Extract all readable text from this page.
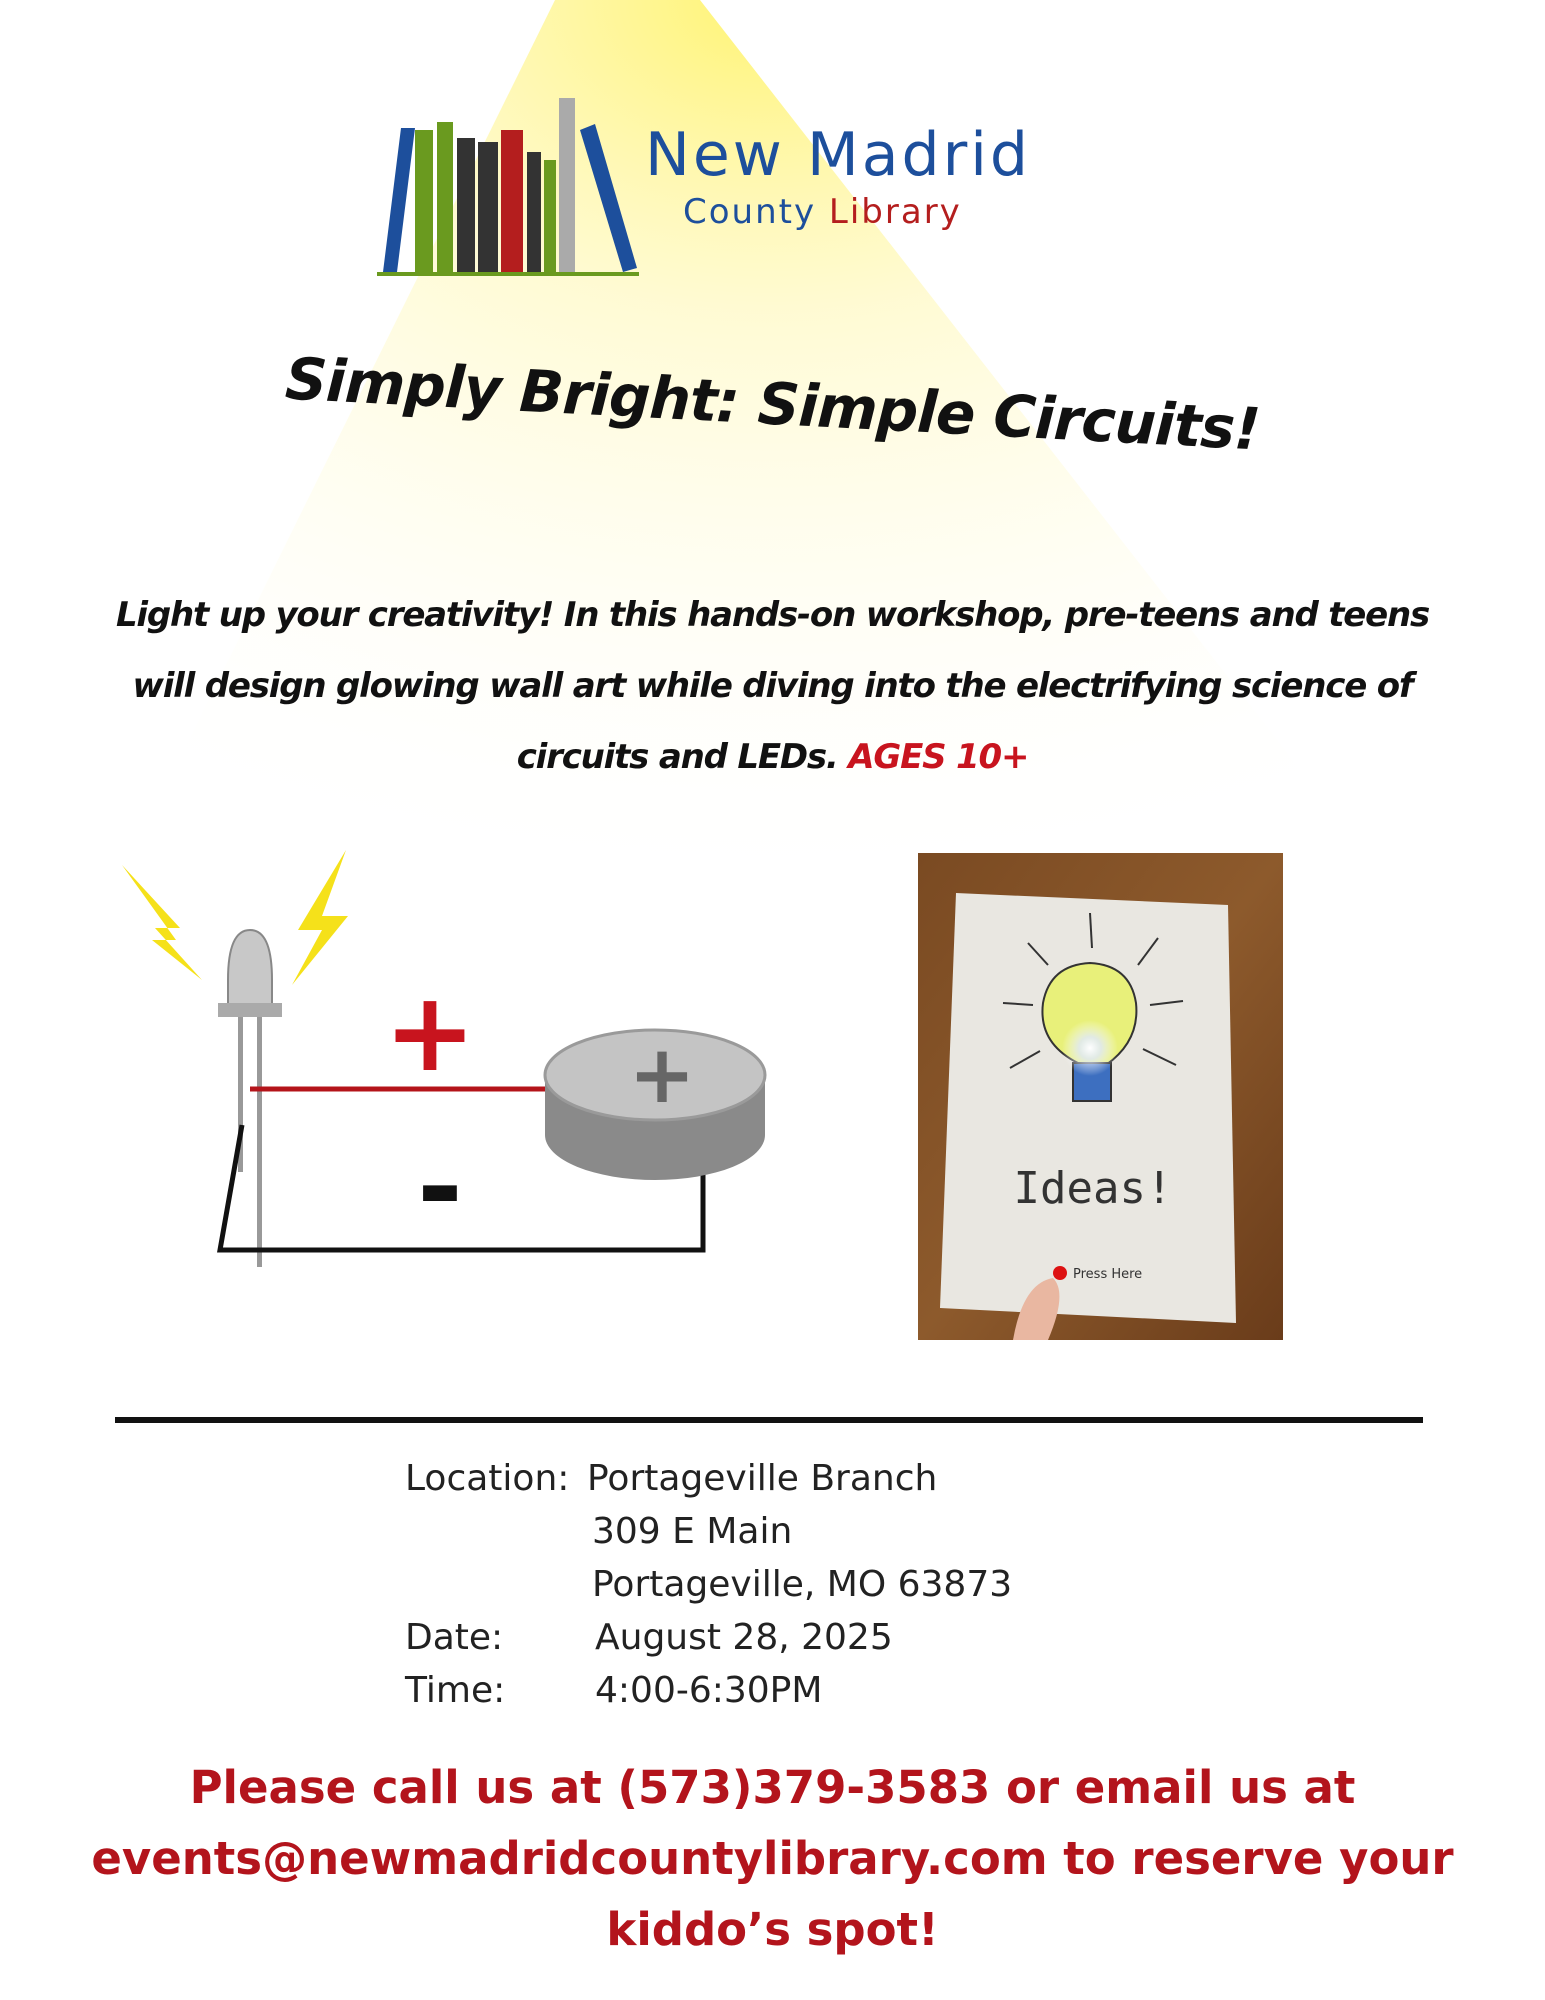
New Madrid
County Library
Simply Bright: Simple Circuits!
Light up your creativity! In this hands-on workshop, pre-teens and teens will design glowing wall art while diving into the electrifying science of circuits and LEDs. AGES 10+
+
-
+
Ideas!
Press Here
Location: Portageville Branch
309 E Main
Portageville, MO 63873
Date:	August 28, 2025
Time: 4:00-6:30PM
Please call us at (573)379-3583 or email us at events@newmadridcountylibrary.com to reserve your kiddo’s spot!
